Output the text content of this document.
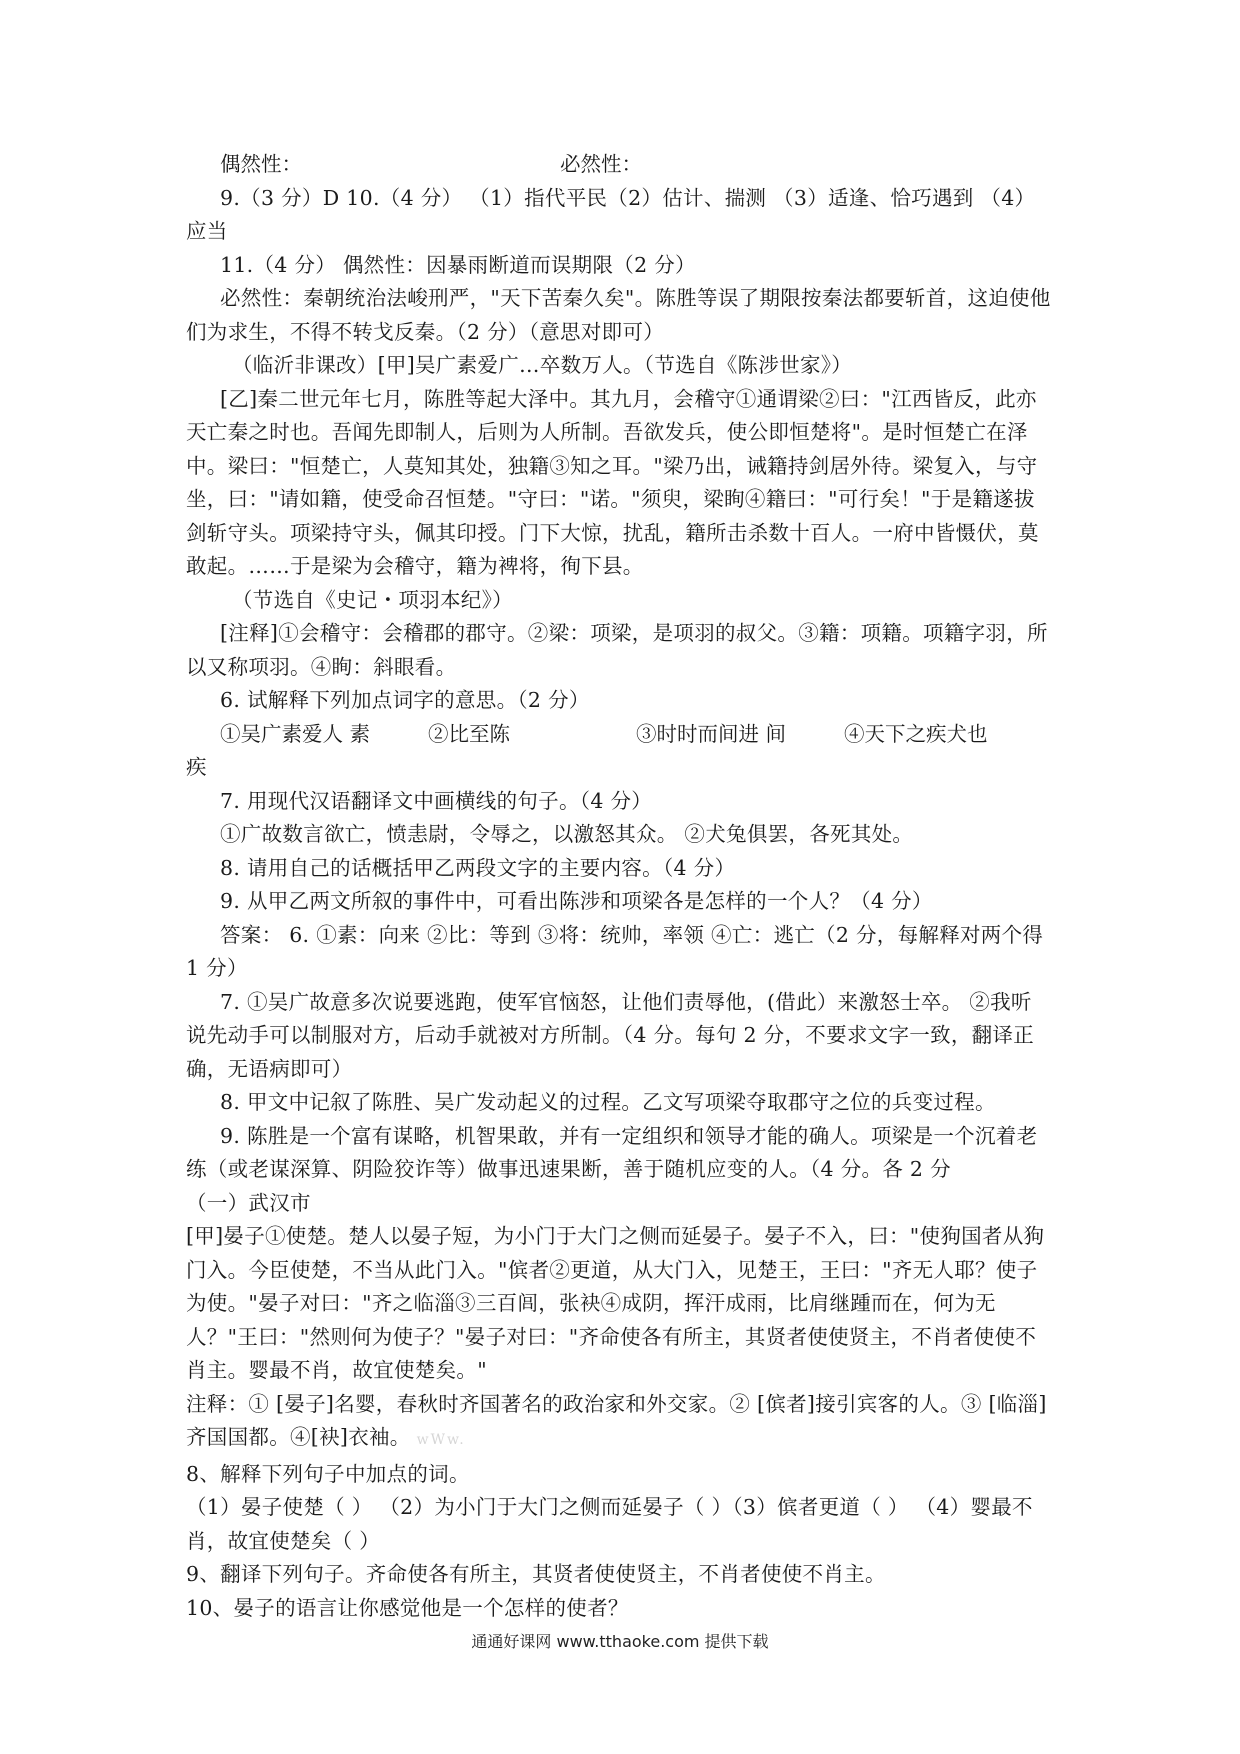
偶然性：	必然性：

9.（3 分）D 10.（4 分） （1）指代平民（2）估计、揣测 （3）适逢、恰巧遇到 （4）应当

11.（4 分） 偶然性：因暴雨断道而误期限（2 分）

必然性：秦朝统治法峻刑严，"天下苦秦久矣"。陈胜等误了期限按秦法都要斩首，这迫使他们为求生，不得不转戈反秦。（2 分）（意思对即可）

（临沂非课改）[甲]吴广素爱广…卒数万人。（节选自《陈涉世家》）

[乙]秦二世元年七月，陈胜等起大泽中。其九月，会稽守①通谓梁②曰："江西皆反，此亦天亡秦之时也。吾闻先即制人，后则为人所制。吾欲发兵，使公即恒楚将"。是时恒楚亡在泽中。梁曰："恒楚亡，人莫知其处，独籍③知之耳。"梁乃出，诫籍持剑居外待。梁复入，与守坐，曰："请如籍，使受命召恒楚。"守曰："诺。"须臾，梁眴④籍曰："可行矣！"于是籍遂拔剑斩守头。项梁持守头，佩其印授。门下大惊，扰乱，籍所击杀数十百人。一府中皆慑伏，莫敢起。……于是梁为会稽守，籍为裨将，徇下县。

（节选自《史记・项羽本纪》）

[注释]①会稽守：会稽郡的郡守。②梁：项梁，是项羽的叔父。③籍：项籍。项籍字羽，所以又称项羽。④眴：斜眼看。

6. 试解释下列加点词字的意思。（2 分）

①吴广素爱人 素	②比至陈	③时时而间进 间	④天下之疾犬也

疾

7. 用现代汉语翻译文中画横线的句子。（4 分）

①广故数言欲亡，愤恚尉，令辱之，以激怒其众。 ②犬兔俱罢，各死其处。

8. 请用自己的话概括甲乙两段文字的主要内容。（4 分）

9. 从甲乙两文所叙的事件中，可看出陈涉和项梁各是怎样的一个人？（4 分）

答案： 6. ①素：向来 ②比：等到 ③将：统帅，率领 ④亡：逃亡（2 分，每解释对两个得 1 分）

7. ①吴广故意多次说要逃跑，使军官恼怒，让他们责辱他，(借此）来激怒士卒。 ②我听说先动手可以制服对方，后动手就被对方所制。（4 分。每句 2 分，不要求文字一致，翻译正确，无语病即可）

8. 甲文中记叙了陈胜、吴广发动起义的过程。乙文写项梁夺取郡守之位的兵变过程。

9. 陈胜是一个富有谋略，机智果敢，并有一定组织和领导才能的确人。项梁是一个沉着老练（或老谋深算、阴险狡诈等）做事迅速果断，善于随机应变的人。（4 分。各 2 分

（一）武汉市

[甲]晏子①使楚。楚人以晏子短，为小门于大门之侧而延晏子。晏子不入，曰："使狗国者从狗门入。今臣使楚，不当从此门入。"傧者②更道，从大门入，见楚王，王曰："齐无人耶？使子为使。"晏子对曰："齐之临淄③三百闾，张袂④成阴，挥汗成雨，比肩继踵而在，何为无人？"王曰："然则何为使子？"晏子对曰："齐命使各有所主，其贤者使使贤主，不肖者使使不肖主。婴最不肖，故宜使楚矣。"

注释：① [晏子]名婴，春秋时齐国著名的政治家和外交家。② [傧者]接引宾客的人。③ [临淄]齐国国都。④[袂]衣袖。 wWw.

8、解释下列句子中加点的词。

（1）晏子使楚（ ） （2）为小门于大门之侧而延晏子（ ）（3）傧者更道（ ） （4）婴最不肖，故宜使楚矣（ ）

9、翻译下列句子。齐命使各有所主，其贤者使使贤主，不肖者使使不肖主。

10、晏子的语言让你感觉他是一个怎样的使者？

通通好课网 www.tthaoke.com 提供下载
